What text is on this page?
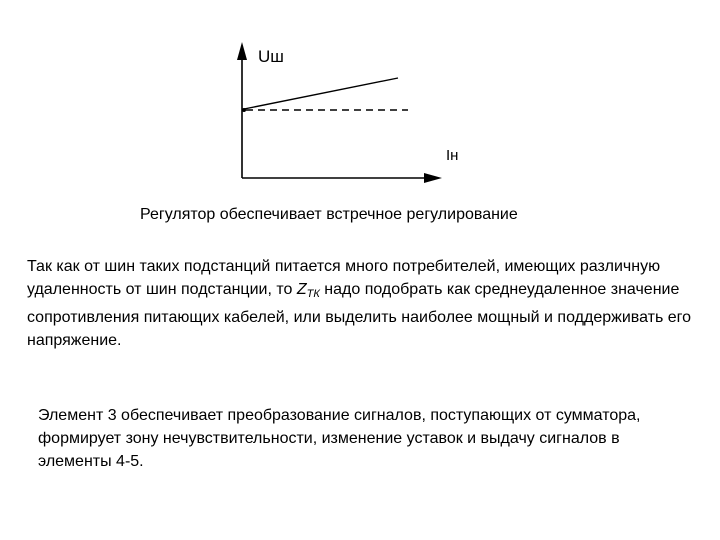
Uш
Iн
Регулятор обеспечивает встречное регулирование

Так как от шин таких подстанций питается много потребителей, имеющих различную удаленность от шин подстанции, то $Z_{ТК}$ надо подобрать как среднеудаленное значение сопротивления питающих кабелей, или выделить наиболее мощный и поддерживать его напряжение.

Элемент 3 обеспечивает преобразование сигналов, поступающих от сумматора, формирует зону нечувствительности, изменение уставок и выдачу сигналов в элементы 4-5.
